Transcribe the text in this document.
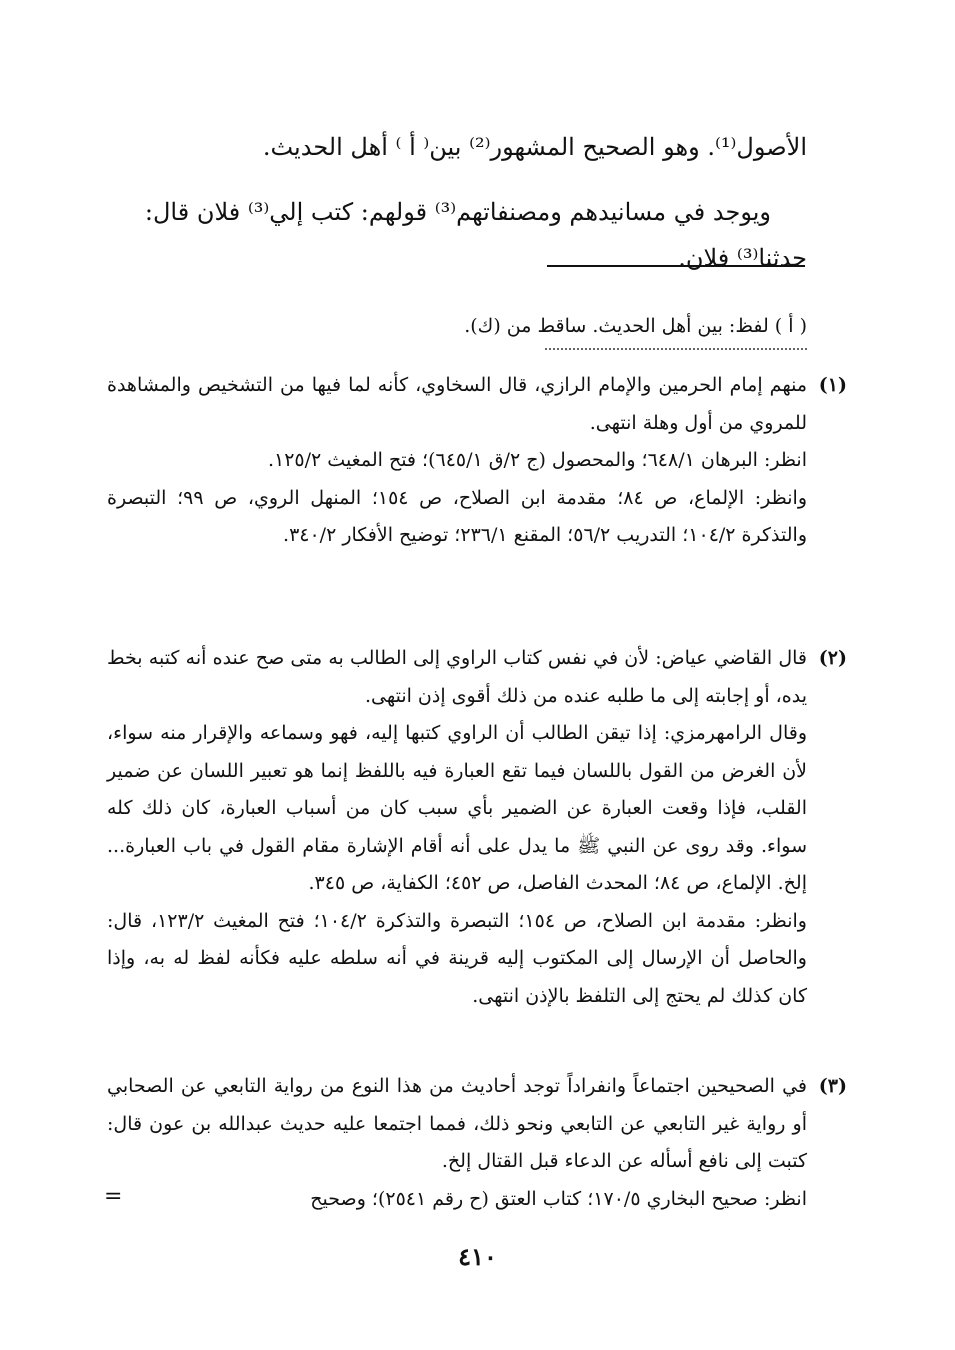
الأصول⁽¹⁾. وهو الصحيح المشهور⁽²⁾ بين⁽ أ ⁾ أهل الحديث.

ويوجد في مسانيدهم ومصنفاتهم⁽³⁾ قولهم: كتب إلي⁽³⁾ فلان قال: حدثنا⁽³⁾ فلان.

( أ ) لفظ: بين أهل الحديث. ساقط من (ك).

(١)

منهم إمام الحرمين والإمام الرازي، قال السخاوي، كأنه لما فيها من التشخيص والمشاهدة للمروي من أول وهلة انتهى.

انظر: البرهان ٦٤٨/١؛ والمحصول (ج ٢/ق ٦٤٥/١)؛ فتح المغيث ١٢٥/٢.

وانظر: الإلماع، ص ٨٤؛ مقدمة ابن الصلاح، ص ١٥٤؛ المنهل الروي، ص ٩٩؛ التبصرة والتذكرة ١٠٤/٢؛ التدريب ٥٦/٢؛ المقنع ٢٣٦/١؛ توضيح الأفكار ٣٤٠/٢.

(٢)

قال القاضي عياض: لأن في نفس كتاب الراوي إلى الطالب به متى صح عنده أنه كتبه بخط يده، أو إجابته إلى ما طلبه عنده من ذلك أقوى إذن انتهى.

وقال الرامهرمزي: إذا تيقن الطالب أن الراوي كتبها إليه، فهو وسماعه والإقرار منه سواء، لأن الغرض من القول باللسان فيما تقع العبارة فيه باللفظ إنما هو تعبير اللسان عن ضمير القلب، فإذا وقعت العبارة عن الضمير بأي سبب كان من أسباب العبارة، كان ذلك كله سواء. وقد روى عن النبي ﷺ ما يدل على أنه أقام الإشارة مقام القول في باب العبارة... إلخ. الإلماع، ص ٨٤؛ المحدث الفاصل، ص ٤٥٢؛ الكفاية، ص ٣٤٥.

وانظر: مقدمة ابن الصلاح، ص ١٥٤؛ التبصرة والتذكرة ١٠٤/٢؛ فتح المغيث ١٢٣/٢، قال: والحاصل أن الإرسال إلى المكتوب إليه قرينة في أنه سلطه عليه فكأنه لفظ له به، وإذا كان كذلك لم يحتج إلى التلفظ بالإذن انتهى.

(٣)

في الصحيحين اجتماعاً وانفراداً توجد أحاديث من هذا النوع من رواية التابعي عن الصحابي أو رواية غير التابعي عن التابعي ونحو ذلك، فمما اجتمعا عليه حديث عبدالله بن عون قال: كتبت إلى نافع أسأله عن الدعاء قبل القتال إلخ.

انظر: صحيح البخاري ١٧٠/٥؛ كتاب العتق (ح رقم ٢٥٤١)؛ وصحيح

=
٤١٠
